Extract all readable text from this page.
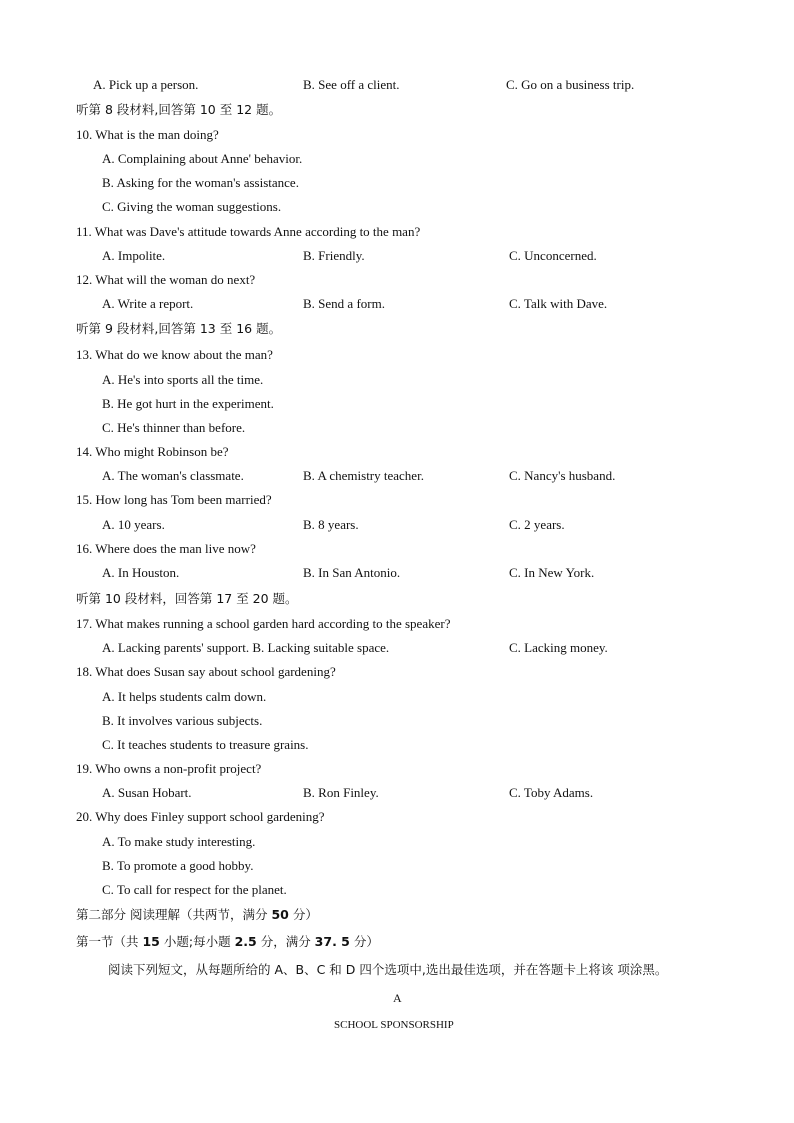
A. Pick up a person.	B. See off a client.	C. Go on a business trip.
听第 8 段材料,回答第 10 至 12 题。
10. What is the man doing?
A. Complaining about Anne' behavior.
B. Asking for the woman's assistance.
C. Giving the woman suggestions.
11. What was Dave's attitude towards Anne according to the man?
A. Impolite.	B. Friendly.	C. Unconcerned.
12. What will the woman do next?
A. Write a report.	B. Send a form.	C. Talk with Dave.
听第 9 段材料,回答第 13 至 16 题。
13. What do we know about the man?
A. He's into sports all the time.
B. He got hurt in the experiment.
C. He's thinner than before.
14. Who might Robinson be?
A. The woman's classmate.	B. A chemistry teacher.	C. Nancy's husband.
15. How long has Tom been married?
A. 10 years.	B. 8 years.	C. 2 years.
16. Where does the man live now?
A. In Houston.	B. In San Antonio.	C. In New York.
听第 10 段材料，回答第 17 至 20 题。
17. What makes running a school garden hard according to the speaker?
A. Lacking parents' support. B. Lacking suitable space.	C. Lacking money.
18. What does Susan say about school gardening?
A. It helps students calm down.
B. It involves various subjects.
C. It teaches students to treasure grains.
19. Who owns a non-profit project?
A. Susan Hobart.	B. Ron Finley.	C. Toby Adams.
20. Why does Finley support school gardening?
A. To make study interesting.
B. To promote a good hobby.
C. To call for respect for the planet.
第二部分 阅读理解（共两节，满分 50 分）
第一节（共 15 小题;每小题 2.5 分，满分 37. 5 分）
阅读下列短文，从每题所给的 A、B、C 和 D 四个选项中,选出最佳选项，并在答题卡上将该 项涂黑。
A
SCHOOL SPONSORSHIP
